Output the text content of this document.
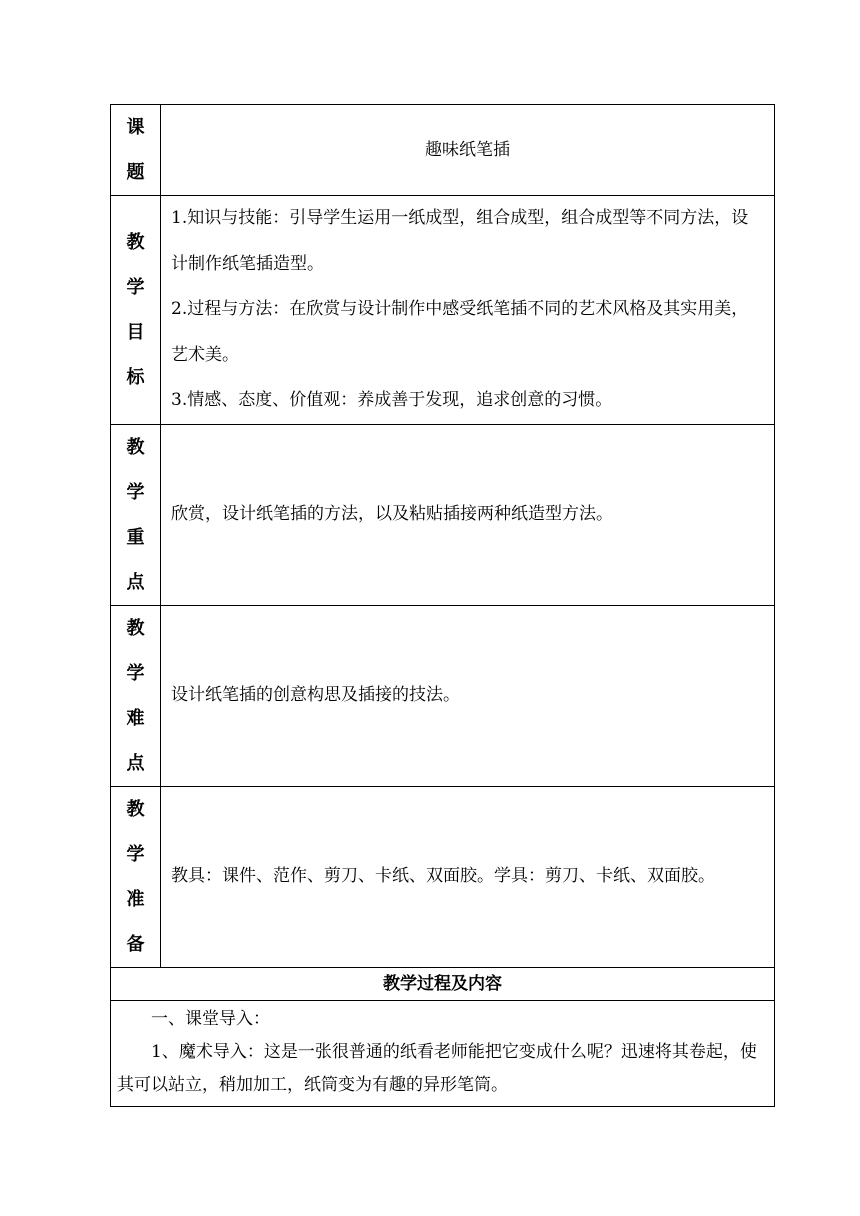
课
题	趣味纸笔插

教
学
目
标	1.知识与技能：引导学生运用一纸成型，组合成型，组合成型等不同方法，设计制作纸笔插造型。
2.过程与方法：在欣赏与设计制作中感受纸笔插不同的艺术风格及其实用美，艺术美。
3.情感、态度、价值观：养成善于发现，追求创意的习惯。

教
学
重
点	欣赏，设计纸笔插的方法，以及粘贴插接两种纸造型方法。

教
学
难
点	设计纸笔插的创意构思及插接的技法。

教
学
准
备	教具：课件、范作、剪刀、卡纸、双面胶。学具：剪刀、卡纸、双面胶。
教学过程及内容	

一、课堂导入：
1、魔术导入：这是一张很普通的纸看老师能把它变成什么呢？迅速将其卷起，使其可以站立，稍加加工，纸筒变为有趣的异形笔筒。	
